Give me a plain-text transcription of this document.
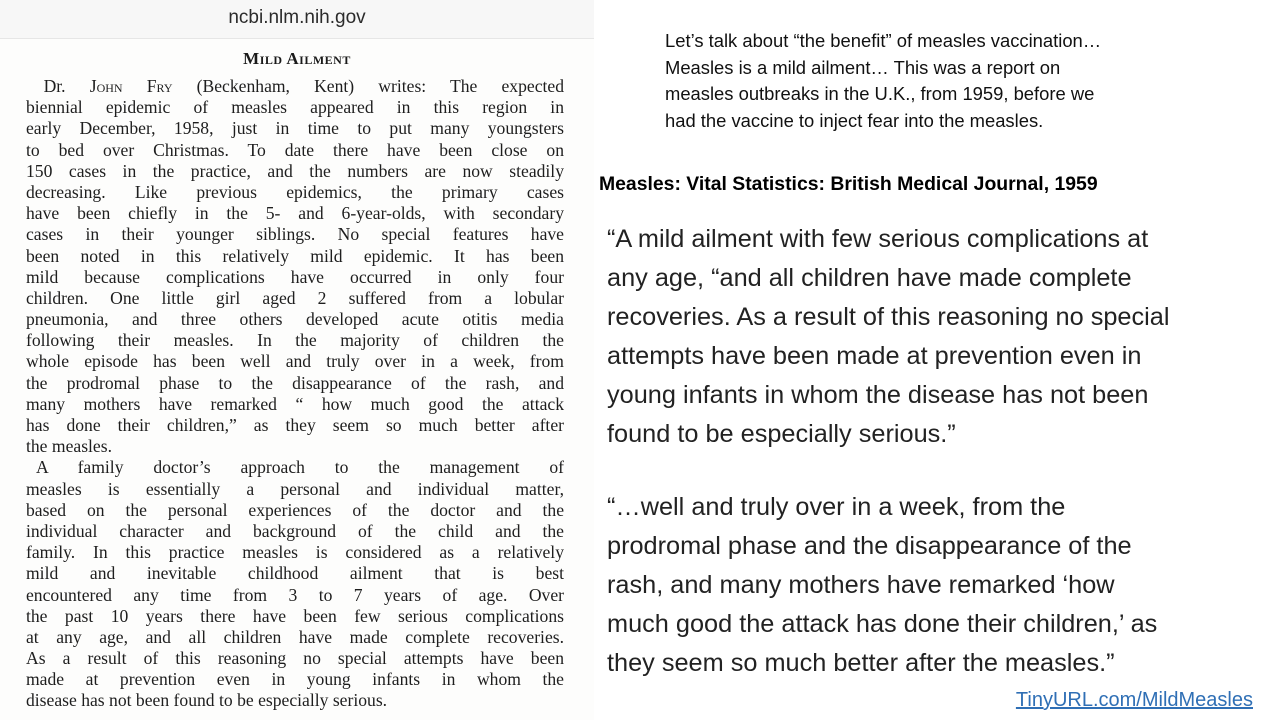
ncbi.nlm.nih.gov
Mild Ailment
 Dr. John Fry (Beckenham, Kent) writes: The expected
biennial epidemic of measles appeared in this region in
early December, 1958, just in time to put many youngsters
to bed over Christmas. To date there have been close on
150 cases in the practice, and the numbers are now steadily
decreasing. Like previous epidemics, the primary cases
have been chiefly in the 5- and 6-year-olds, with secondary
cases in their younger siblings. No special features have
been noted in this relatively mild epidemic. It has been
mild because complications have occurred in only four
children. One little girl aged 2 suffered from a lobular
pneumonia, and three others developed acute otitis media
following their measles. In the majority of children the
whole episode has been well and truly over in a week, from
the prodromal phase to the disappearance of the rash, and
many mothers have remarked “ how much good the attack
has done their children,” as they seem so much better after
the measles.
A family doctor’s approach to the management of
measles is essentially a personal and individual matter,
based on the personal experiences of the doctor and the
individual character and background of the child and the
family. In this practice measles is considered as a relatively
mild and inevitable childhood ailment that is best
encountered any time from 3 to 7 years of age. Over
the past 10 years there have been few serious complications
at any age, and all children have made complete recoveries.
As a result of this reasoning no special attempts have been
made at prevention even in young infants in whom the
disease has not been found to be especially serious.
Let’s talk about “the benefit” of measles vaccination…
Measles is a mild ailment… This was a report on
measles outbreaks in the U.K., from 1959, before we
had the vaccine to inject fear into the measles.
Measles: Vital Statistics: British Medical Journal, 1959
“A mild ailment with few serious complications at
any age, “and all children have made complete
recoveries. As a result of this reasoning no special
attempts have been made at prevention even in
young infants in whom the disease has not been
found to be especially serious.”
“…well and truly over in a week, from the
prodromal phase and the disappearance of the
rash, and many mothers have remarked ‘how
much good the attack has done their children,’ as
they seem so much better after the measles.”
TinyURL.com/MildMeasles
